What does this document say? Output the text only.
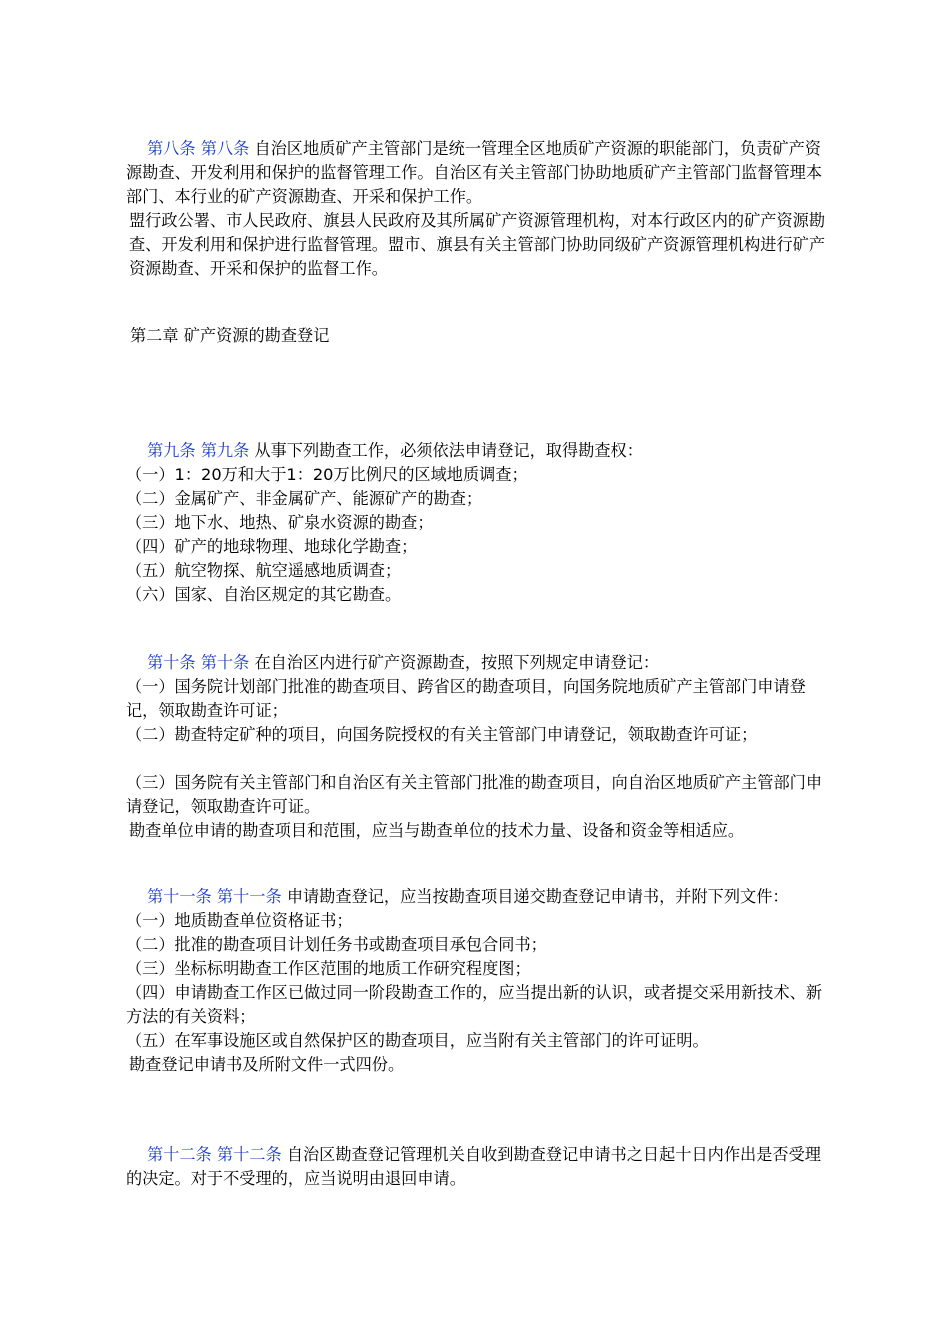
第八条 第八条 自治区地质矿产主管部门是统一管理全区地质矿产资源的职能部门，负责矿产资源勘查、开发利用和保护的监督管理工作。自治区有关主管部门协助地质矿产主管部门监督管理本部门、本行业的矿产资源勘查、开采和保护工作。

盟行政公署、市人民政府、旗县人民政府及其所属矿产资源管理机构，对本行政区内的矿产资源勘查、开发利用和保护进行监督管理。盟市、旗县有关主管部门协助同级矿产资源管理机构进行矿产资源勘查、开采和保护的监督工作。

第二章 矿产资源的勘查登记

第九条 第九条 从事下列勘查工作，必须依法申请登记，取得勘查权：

（一）1：20万和大于1：20万比例尺的区域地质调查；

（二）金属矿产、非金属矿产、能源矿产的勘查；

（三）地下水、地热、矿泉水资源的勘查；

（四）矿产的地球物理、地球化学勘查；

（五）航空物探、航空遥感地质调查；

（六）国家、自治区规定的其它勘查。

第十条 第十条 在自治区内进行矿产资源勘查，按照下列规定申请登记：

（一）国务院计划部门批准的勘查项目、跨省区的勘查项目，向国务院地质矿产主管部门申请登记，领取勘查许可证；

（二）勘查特定矿种的项目，向国务院授权的有关主管部门申请登记，领取勘查许可证；

（三）国务院有关主管部门和自治区有关主管部门批准的勘查项目，向自治区地质矿产主管部门申请登记，领取勘查许可证。

勘查单位申请的勘查项目和范围，应当与勘查单位的技术力量、设备和资金等相适应。

第十一条 第十一条 申请勘查登记，应当按勘查项目递交勘查登记申请书，并附下列文件：

（一）地质勘查单位资格证书；

（二）批准的勘查项目计划任务书或勘查项目承包合同书；

（三）坐标标明勘查工作区范围的地质工作研究程度图；

（四）申请勘查工作区已做过同一阶段勘查工作的，应当提出新的认识，或者提交采用新技术、新方法的有关资料；

（五）在军事设施区或自然保护区的勘查项目，应当附有关主管部门的许可证明。

勘查登记申请书及所附文件一式四份。

第十二条 第十二条 自治区勘查登记管理机关自收到勘查登记申请书之日起十日内作出是否受理的决定。对于不受理的，应当说明由退回申请。
